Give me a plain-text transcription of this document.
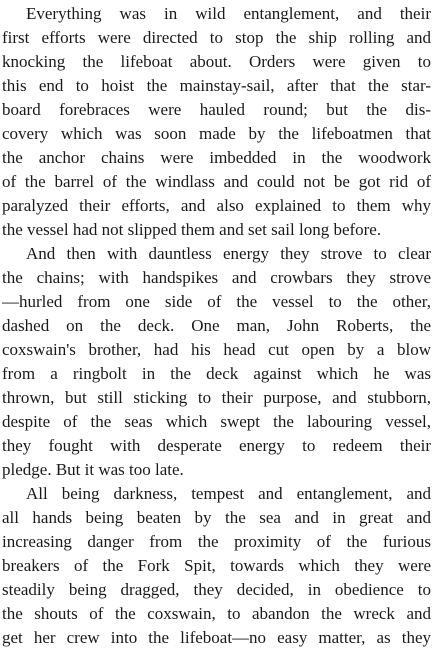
Everything was in wild entanglement, and their
first efforts were directed to stop the ship rolling and
knocking the lifeboat about. Orders were given to
this end to hoist the mainstay-sail, after that the star-
board forebraces were hauled round; but the dis-
covery which was soon made by the lifeboatmen that
the anchor chains were imbedded in the woodwork
of the barrel of the windlass and could not be got rid of
paralyzed their efforts, and also explained to them why
the vessel had not slipped them and set sail long before.
And then with dauntless energy they strove to clear
the chains; with handspikes and crowbars they strove
—hurled from one side of the vessel to the other,
dashed on the deck. One man, John Roberts, the
coxswain's brother, had his head cut open by a blow
from a ringbolt in the deck against which he was
thrown, but still sticking to their purpose, and stubborn,
despite of the seas which swept the labouring vessel,
they fought with desperate energy to redeem their
pledge. But it was too late.
All being darkness, tempest and entanglement, and
all hands being beaten by the sea and in great and
increasing danger from the proximity of the furious
breakers of the Fork Spit, towards which they were
steadily being dragged, they decided, in obedience to
the shouts of the coxswain, to abandon the wreck and
get her crew into the lifeboat—no easy matter, as they
